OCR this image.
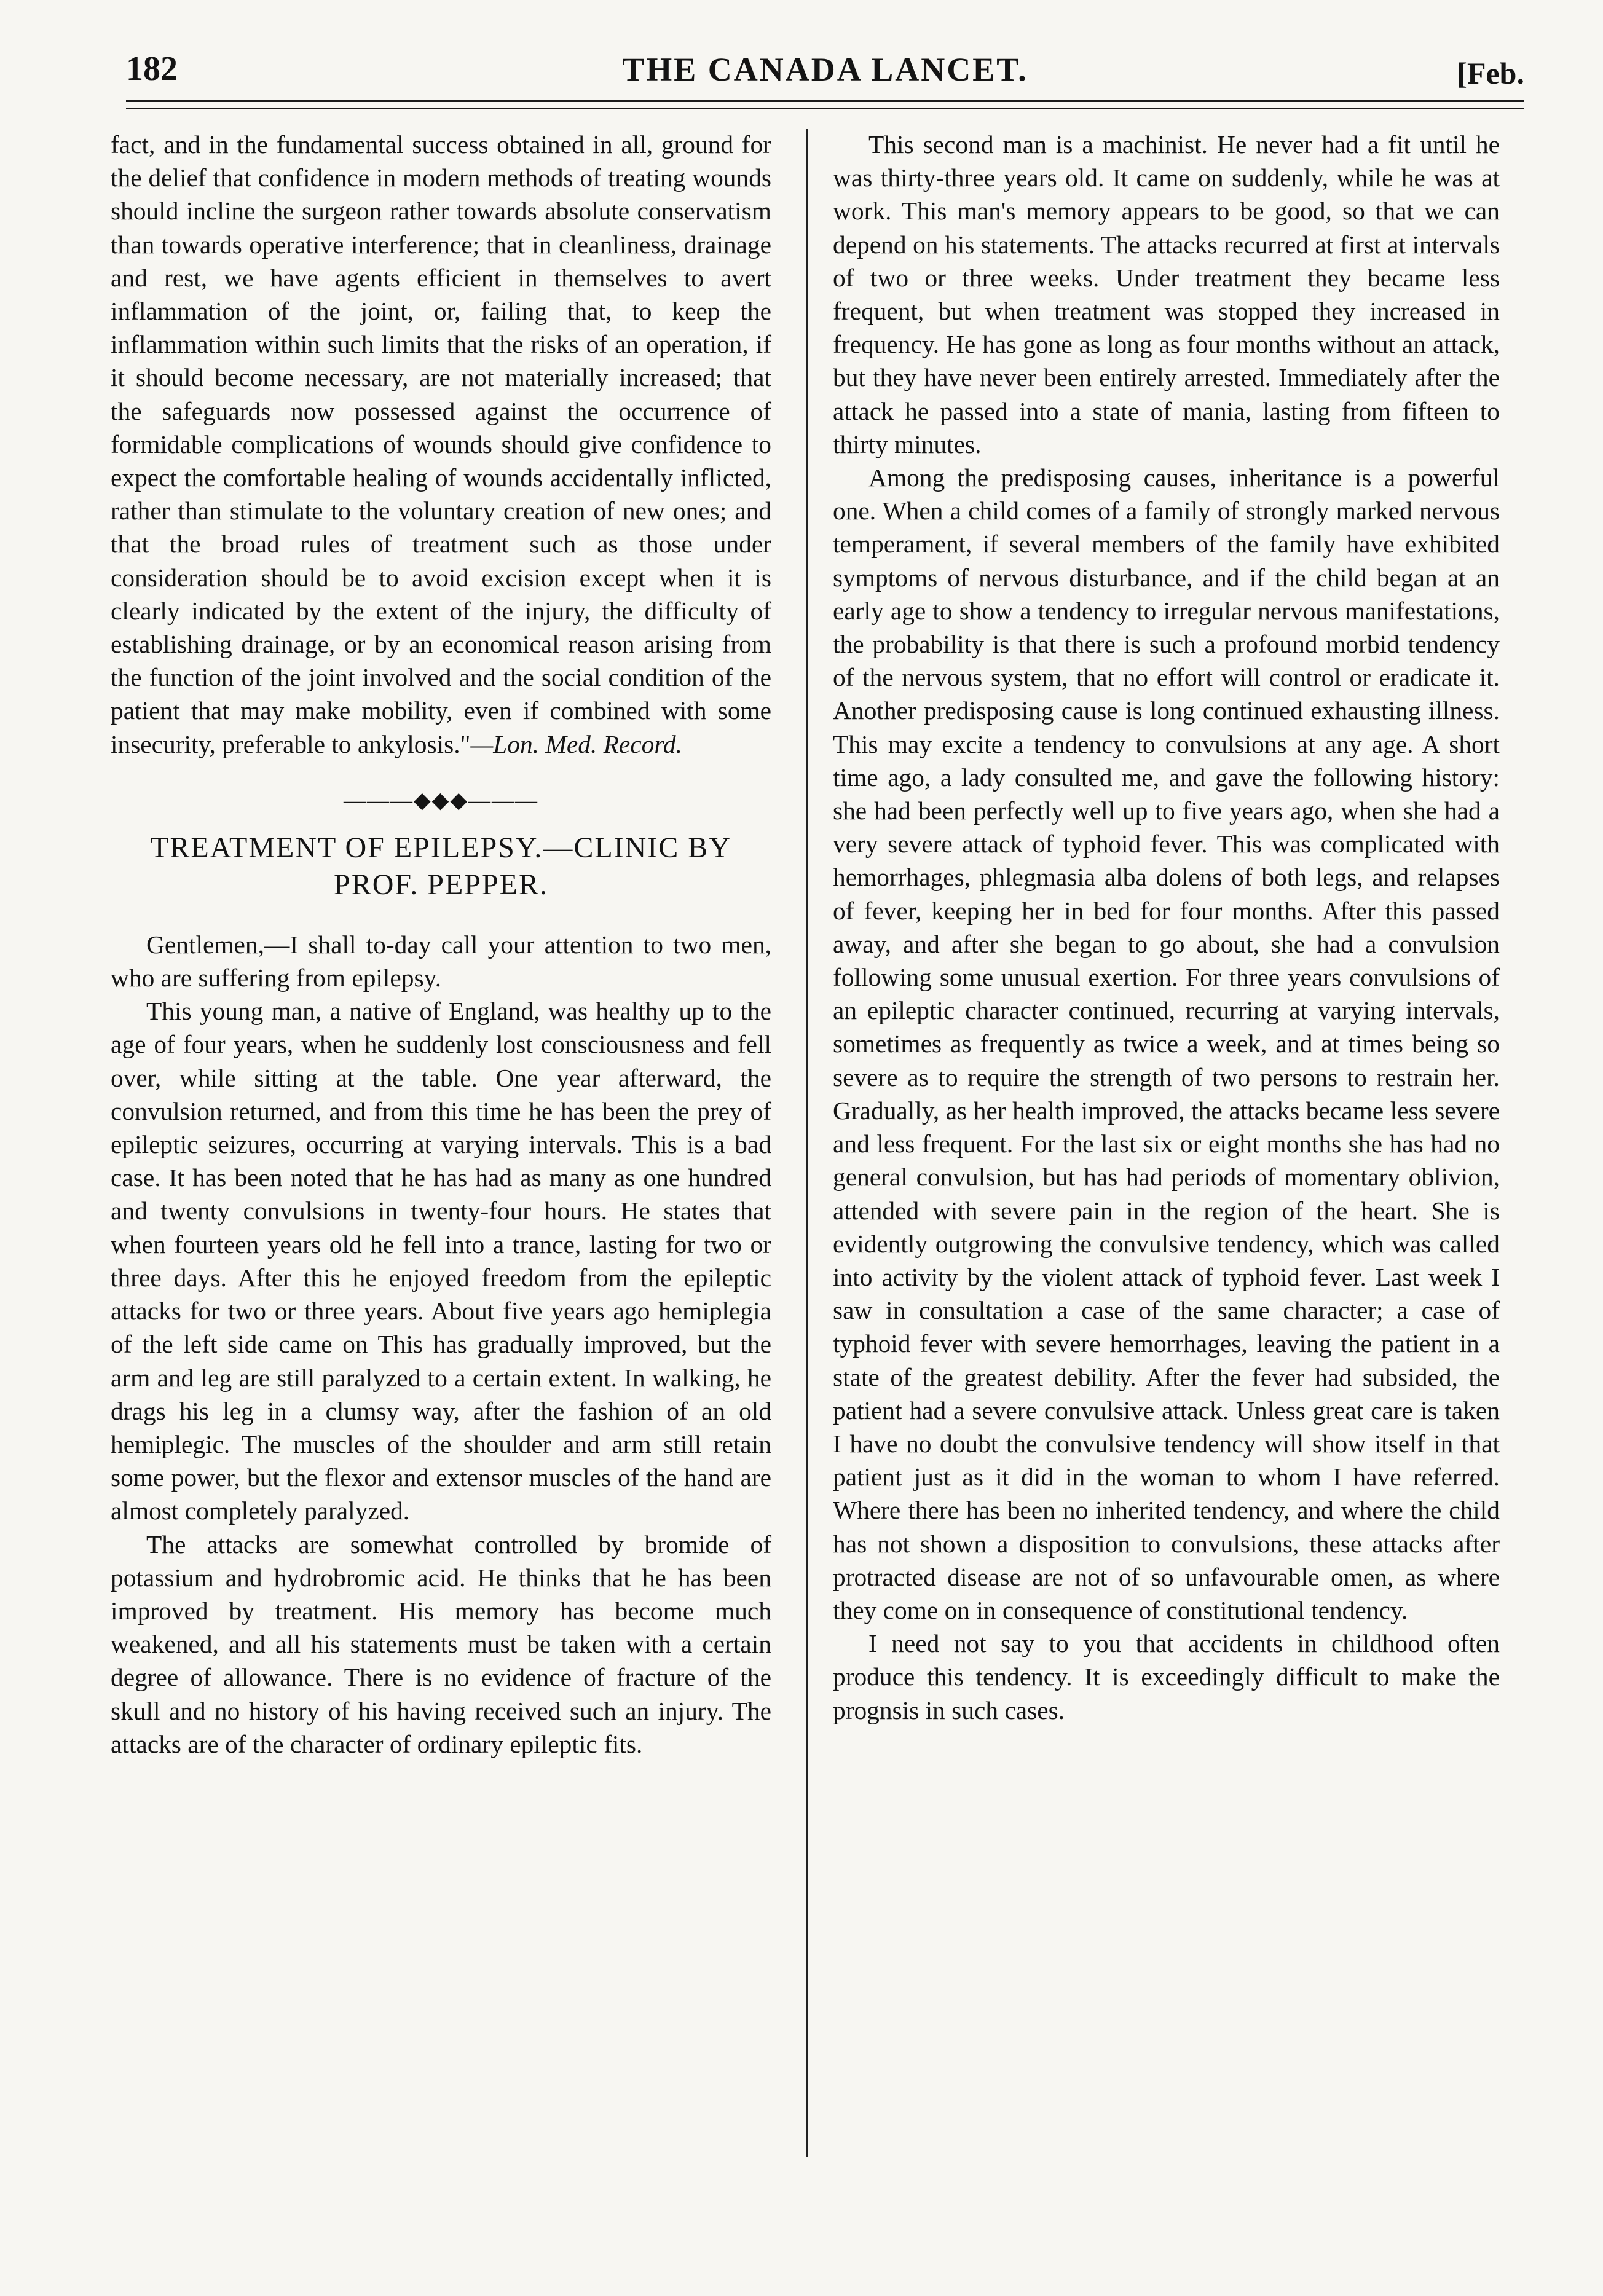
182	THE CANADA LANCET.	[Feb.

fact, and in the fundamental success obtained in all, ground for the delief that confidence in modern methods of treating wounds should incline the surgeon rather towards absolute conservatism than towards operative interference; that in cleanliness, drainage and rest, we have agents efficient in themselves to avert inflammation of the joint, or, failing that, to keep the inflammation within such limits that the risks of an operation, if it should become necessary, are not materially increased; that the safeguards now possessed against the occurrence of formidable complications of wounds should give confidence to expect the comfortable healing of wounds accidentally inflicted, rather than stimulate to the voluntary creation of new ones; and that the broad rules of treatment such as those under consideration should be to avoid excision except when it is clearly indicated by the extent of the injury, the difficulty of establishing drainage, or by an economical reason arising from the function of the joint involved and the social condition of the patient that may make mobility, even if combined with some insecurity, preferable to ankylosis."—Lon. Med. Record.

———◆◆◆———
TREATMENT OF EPILEPSY.—CLINIC BY
PROF. PEPPER.

Gentlemen,—I shall to-day call your attention to two men, who are suffering from epilepsy.

This young man, a native of England, was healthy up to the age of four years, when he suddenly lost consciousness and fell over, while sitting at the table. One year afterward, the convulsion returned, and from this time he has been the prey of epileptic seizures, occurring at varying intervals. This is a bad case. It has been noted that he has had as many as one hundred and twenty convulsions in twenty-four hours. He states that when fourteen years old he fell into a trance, lasting for two or three days. After this he enjoyed freedom from the epileptic attacks for two or three years. About five years ago hemiplegia of the left side came on This has gradually improved, but the arm and leg are still paralyzed to a certain extent. In walking, he drags his leg in a clumsy way, after the fashion of an old hemiplegic. The muscles of the shoulder and arm still retain some power, but the flexor and extensor muscles of the hand are almost completely paralyzed.

The attacks are somewhat controlled by bromide of potassium and hydrobromic acid. He thinks that he has been improved by treatment. His memory has become much weakened, and all his statements must be taken with a certain degree of allowance. There is no evidence of fracture of the skull and no history of his having received such an injury. The attacks are of the character of ordinary epileptic fits.

This second man is a machinist. He never had a fit until he was thirty-three years old. It came on suddenly, while he was at work. This man's memory appears to be good, so that we can depend on his statements. The attacks recurred at first at intervals of two or three weeks. Under treatment they became less frequent, but when treatment was stopped they increased in frequency. He has gone as long as four months without an attack, but they have never been entirely arrested. Immediately after the attack he passed into a state of mania, lasting from fifteen to thirty minutes.

Among the predisposing causes, inheritance is a powerful one. When a child comes of a family of strongly marked nervous temperament, if several members of the family have exhibited symptoms of nervous disturbance, and if the child began at an early age to show a tendency to irregular nervous manifestations, the probability is that there is such a profound morbid tendency of the nervous system, that no effort will control or eradicate it. Another predisposing cause is long continued exhausting illness. This may excite a tendency to convulsions at any age. A short time ago, a lady consulted me, and gave the following history: she had been perfectly well up to five years ago, when she had a very severe attack of typhoid fever. This was complicated with hemorrhages, phlegmasia alba dolens of both legs, and relapses of fever, keeping her in bed for four months. After this passed away, and after she began to go about, she had a convulsion following some unusual exertion. For three years convulsions of an epileptic character continued, recurring at varying intervals, sometimes as frequently as twice a week, and at times being so severe as to require the strength of two persons to restrain her. Gradually, as her health improved, the attacks became less severe and less frequent. For the last six or eight months she has had no general convulsion, but has had periods of momentary oblivion, attended with severe pain in the region of the heart. She is evidently outgrowing the convulsive tendency, which was called into activity by the violent attack of typhoid fever. Last week I saw in consultation a case of the same character; a case of typhoid fever with severe hemorrhages, leaving the patient in a state of the greatest debility. After the fever had subsided, the patient had a severe convulsive attack. Unless great care is taken I have no doubt the convulsive tendency will show itself in that patient just as it did in the woman to whom I have referred. Where there has been no inherited tendency, and where the child has not shown a disposition to convulsions, these attacks after protracted disease are not of so unfavourable omen, as where they come on in consequence of constitutional tendency.

I need not say to you that accidents in childhood often produce this tendency. It is exceedingly difficult to make the prognsis in such cases.
